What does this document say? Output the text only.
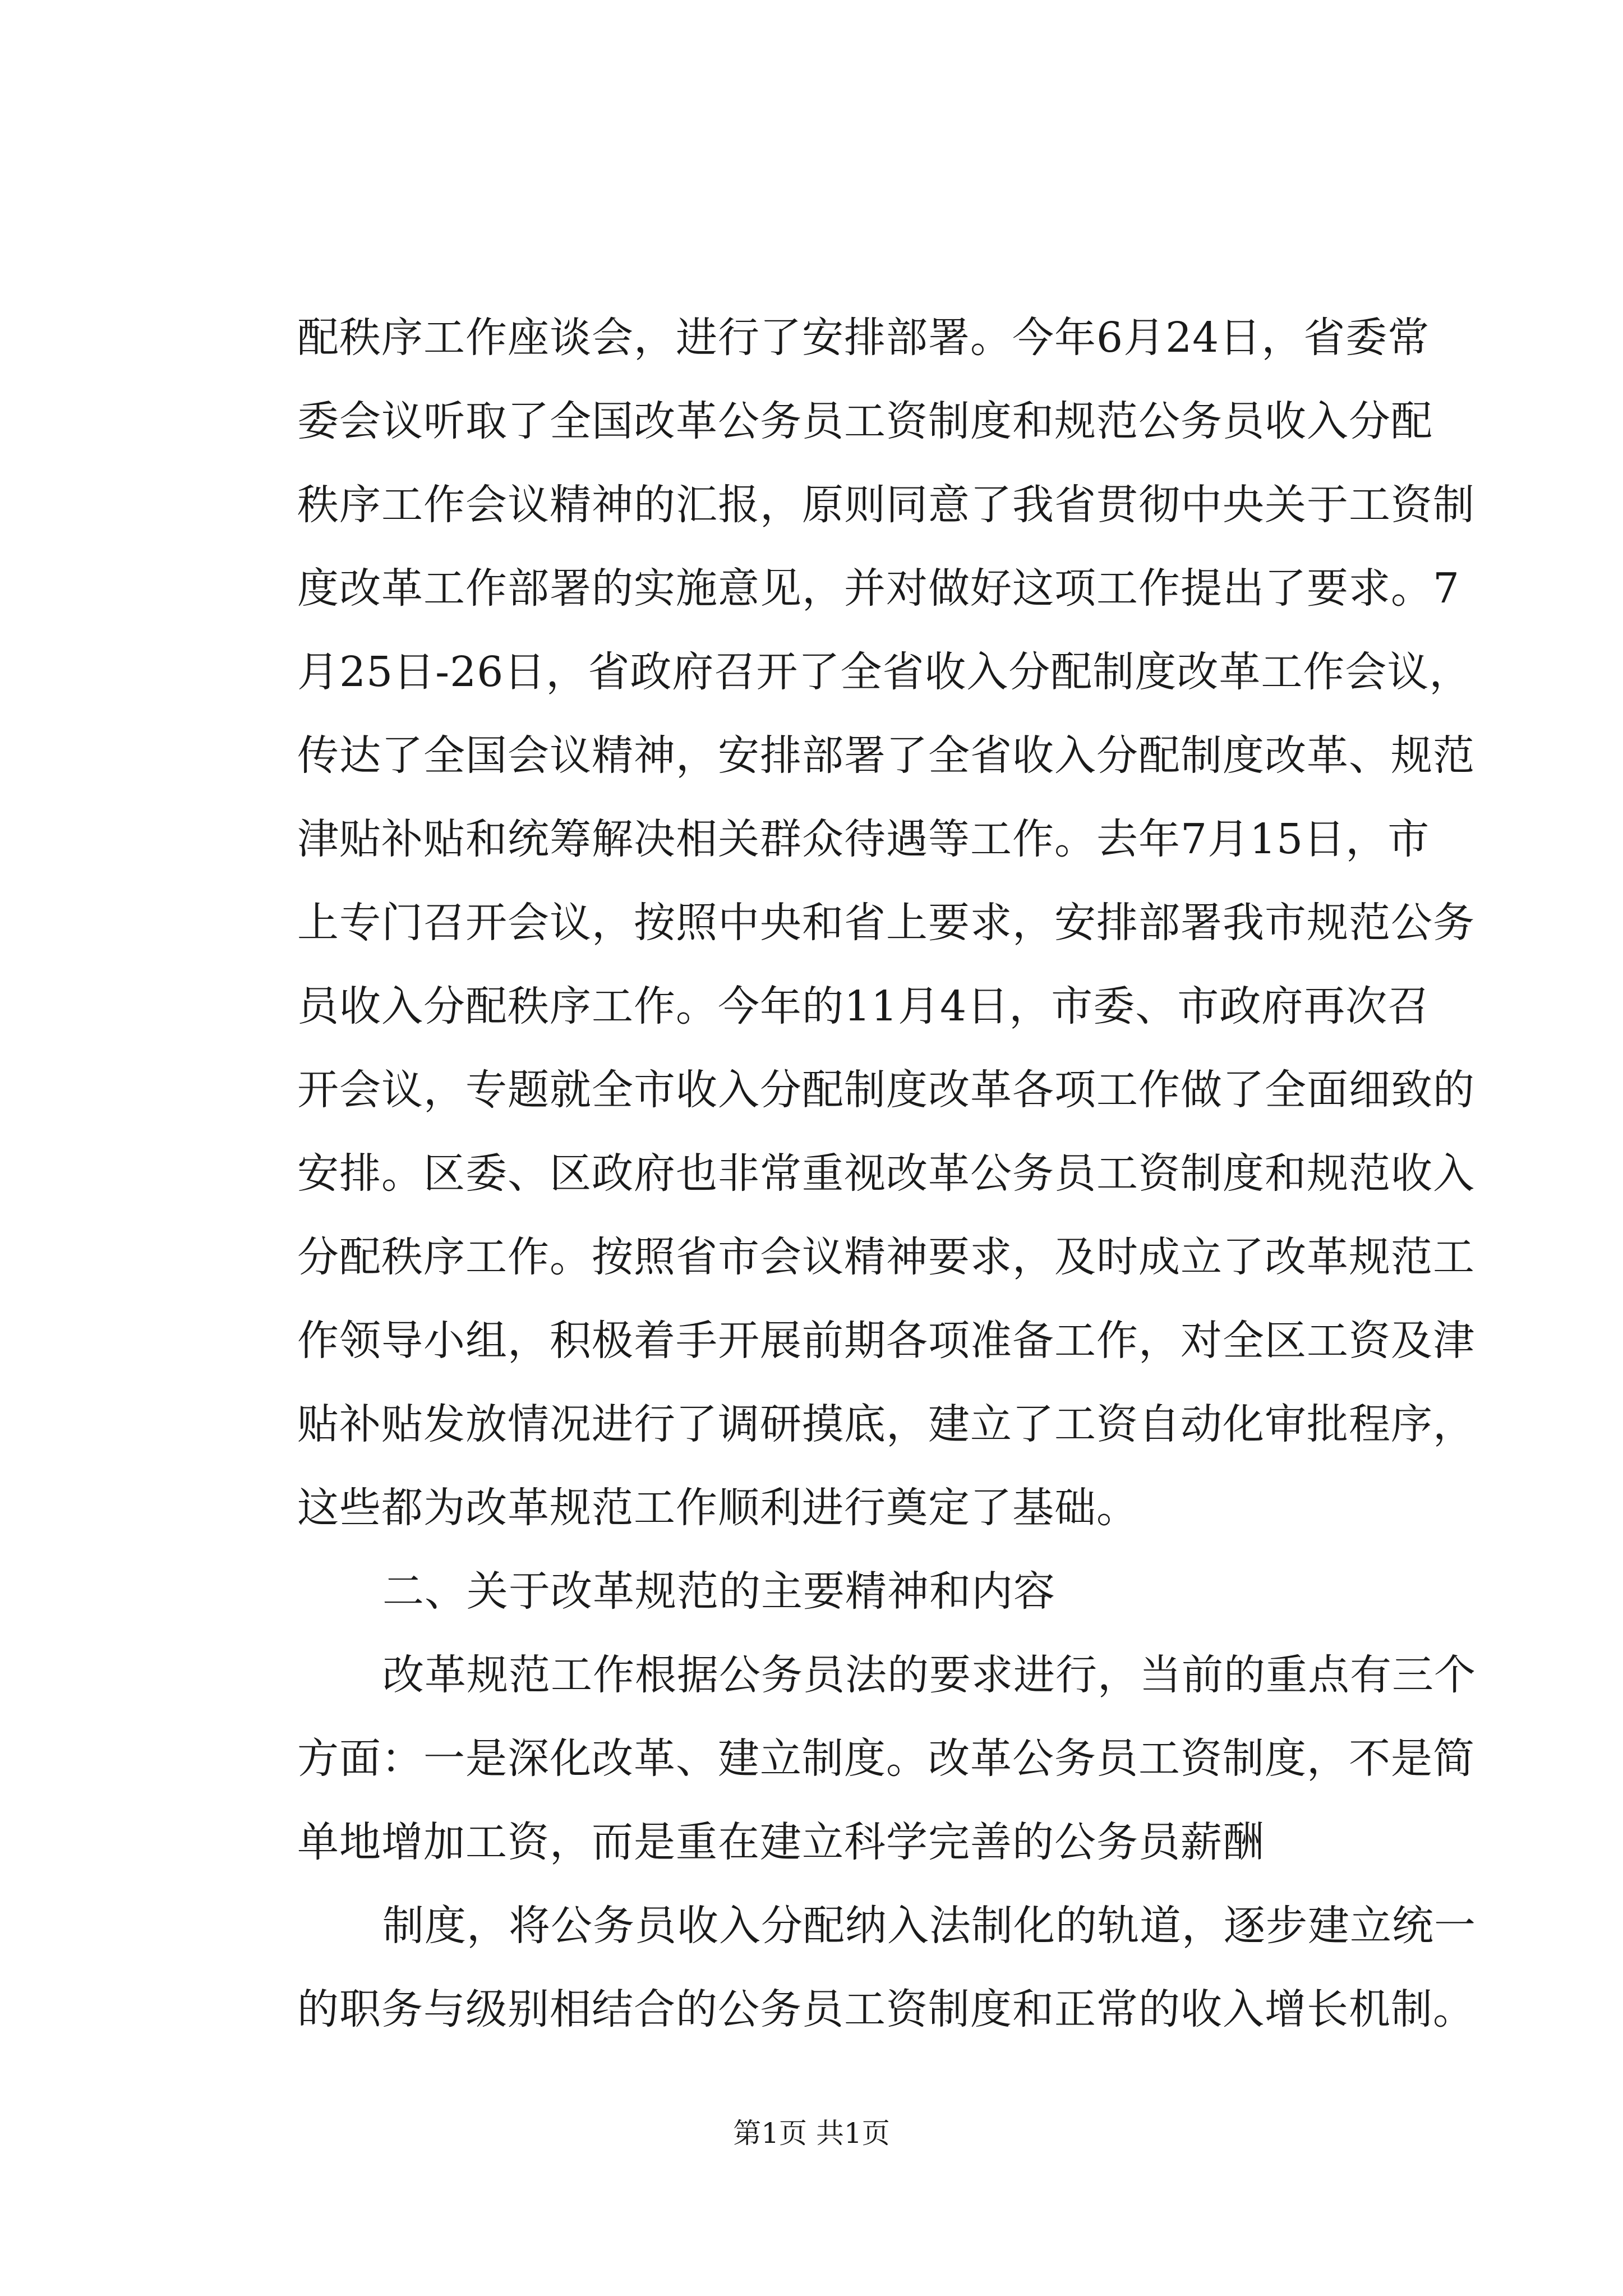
配秩序工作座谈会，进行了安排部署。今年6月24日，省委常
委会议听取了全国改革公务员工资制度和规范公务员收入分配
秩序工作会议精神的汇报，原则同意了我省贯彻中央关于工资制
度改革工作部署的实施意见，并对做好这项工作提出了要求。7
月25日-26日，省政府召开了全省收入分配制度改革工作会议，
传达了全国会议精神，安排部署了全省收入分配制度改革、规范
津贴补贴和统筹解决相关群众待遇等工作。去年7月15日，市
上专门召开会议，按照中央和省上要求，安排部署我市规范公务
员收入分配秩序工作。今年的11月4日，市委、市政府再次召
开会议，专题就全市收入分配制度改革各项工作做了全面细致的
安排。区委、区政府也非常重视改革公务员工资制度和规范收入
分配秩序工作。按照省市会议精神要求，及时成立了改革规范工
作领导小组，积极着手开展前期各项准备工作，对全区工资及津
贴补贴发放情况进行了调研摸底，建立了工资自动化审批程序，
这些都为改革规范工作顺利进行奠定了基础。
二、关于改革规范的主要精神和内容
改革规范工作根据公务员法的要求进行，当前的重点有三个
方面：一是深化改革、建立制度。改革公务员工资制度，不是简
单地增加工资，而是重在建立科学完善的公务员薪酬
制度，将公务员收入分配纳入法制化的轨道，逐步建立统一
的职务与级别相结合的公务员工资制度和正常的收入增长机制。
第1页 共1页
